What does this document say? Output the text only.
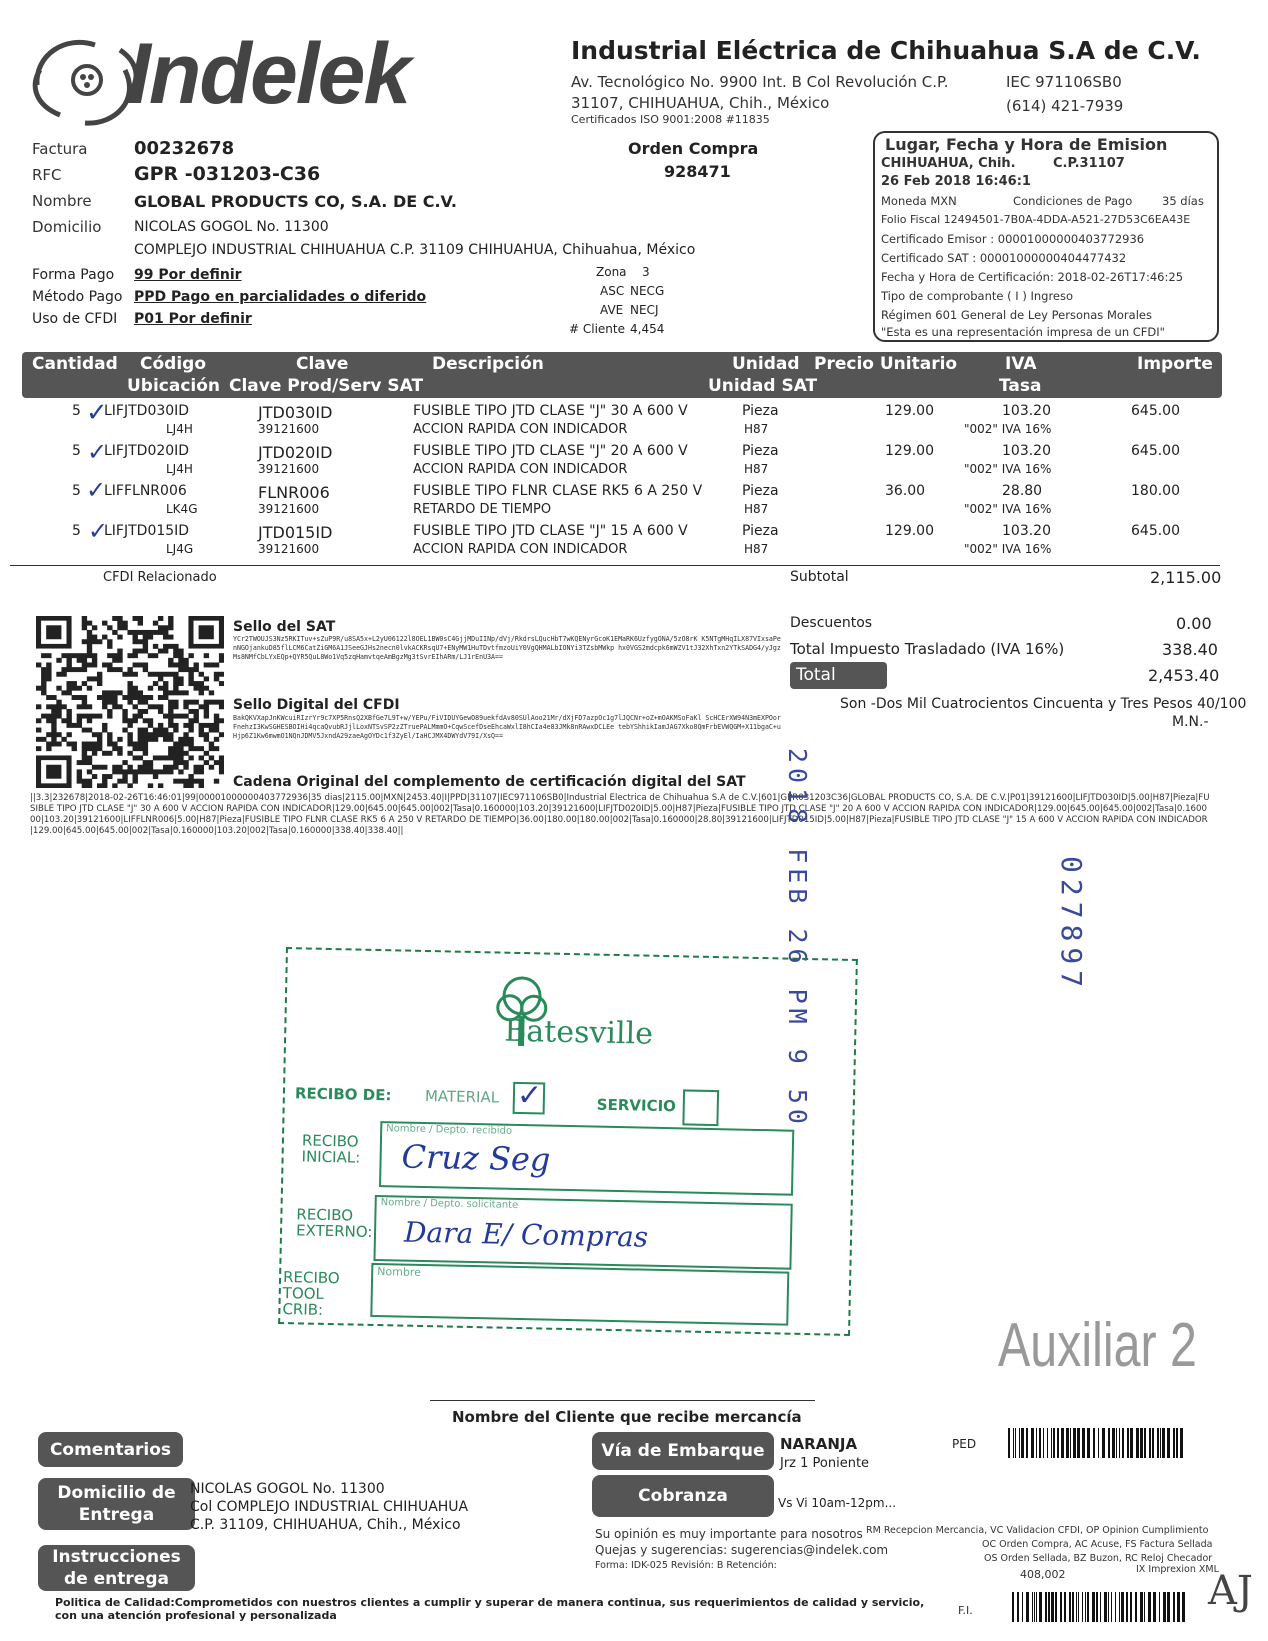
Indelek	Industrial Eléctrica de Chihuahua S.A de C.V.
Av. Tecnológico No. 9900 Int. B Col Revolución C.P.
31107, CHIHUAHUA, Chih., México
Certificados ISO 9001:2008 #11835
IEC 971106SB0
(614) 421-7939
Factura	00232678
RFC	GPR -031203-C36
Nombre	GLOBAL PRODUCTS CO, S.A. DE C.V.
Domicilio NICOLAS GOGOL No. 11300
COMPLEJO INDUSTRIAL CHIHUAHUA C.P. 31109 CHIHUAHUA, Chihuahua, México
Forma Pago 99 Por definir
Método Pago PPD Pago en parcialidades o diferido
Uso de CFDI P01 Por definir
Orden Compra
928471
Zona 3
ASC NECG
AVE NECJ
# Cliente 4,454
Lugar, Fecha y Hora de Emision
CHIHUAHUA, Chih.	C.P.31107
26 Feb 2018 16:46:1
Moneda MXN	Condiciones de Pago	35 días
Folio Fiscal 12494501-7B0A-4DDA-A521-27D53C6EA43E
Certificado Emisor : 00001000000403772936
Certificado SAT : 00001000000404477432
Fecha y Hora de Certificación: 2018-02-26T17:46:25
Tipo de comprobante ( I ) Ingreso
Régimen 601 General de Ley Personas Morales
"Esta es una representación impresa de un CFDI"
Cantidad Código
Ubicación
Clave
Clave Prod/Serv SAT
Descripción	Unidad
Unidad SAT
Precio Unitario	IVA
Tasa
Importe
5 LIFJTD030ID	JTD030ID	FUSIBLE TIPO JTD CLASE "J" 30 A 600 V	Pieza	129.00	103.20	645.00
LJ4H	39121600	ACCION RAPIDA CON INDICADOR	H87	"002" IVA 16%
5 LIFJTD020ID	JTD020ID	FUSIBLE TIPO JTD CLASE "J" 20 A 600 V	Pieza	129.00	103.20	645.00
LJ4H	39121600	ACCION RAPIDA CON INDICADOR	H87	"002" IVA 16%
5 LIFFLNR006	FLNR006	FUSIBLE TIPO FLNR CLASE RK5 6 A 250 V	Pieza	36.00	28.80	180.00
LK4G	39121600	RETARDO DE TIEMPO	H87	"002" IVA 16%
5 LIFJTD015ID	JTD015ID	FUSIBLE TIPO JTD CLASE "J" 15 A 600 V	Pieza	129.00	103.20	645.00
LJ4G	39121600	ACCION RAPIDA CON INDICADOR	H87	"002" IVA 16%
CFDI Relacionado	Subtotal	2,115.00
Descuentos	0.00
Total Impuesto Trasladado (IVA 16%)	338.40
Total	2,453.40
Son -Dos Mil Cuatrocientos Cincuenta y Tres Pesos 40/100
M.N.-
Sello del SAT
YCr2TWOUJS3Nz5RKITuv+sZuP9R/u8SA5x+L2yU06122l8OEL1BW0sC4GjjMDuIINp/dVj/RkdrsLQucHbT7wKQENyrGcoK1EMaRK6UzfygONA/5zO8rK K5NTgMHqILX87VIxsaPenNGOjankuD85flLCM6CatZiGM6A1JSeeGJHs2necn0lvkACKRsqU7+ENyMW1HuTDvtfmzoUiY0VgQHMALbIONYi3TZsbMWkp hx0VGS2mdcpk6mWZV1tJ32XhTxn2YTkSADG4/yJgzMs8NMfCbLYxEQp+QYR5QuL8Wo1Vq5zqHamvtqeAmBgzMg3tSvrEIhARm/LJ1rEnU3A==
Sello Digital del CFDI
BakQKVXapJnKWcuiRIzrYr9c7XP5RnsQ2XBfGe7L9T+w/YEPu/FiVIDUYGewO89uekfdAv80SUlAoo21Mr/dXjFD7azpOc1g7lJQCNr+oZ+mOAKMSoFaKl ScHCErXW94N3mEXPOorFnehzI3KwSGHESBOIHi4qcaQvubRJjlLoxNTSvSP2zZTruePALMmmO+CqwScefDseEhcaWxlI8hCIa4e83JMk8nRAwxDCLEe tebYShhikIamJAG7Xko8QmFrbEVWQGM+X11bgaC+uHjp6Z1Kw6mwmO1NQnJDMV5JxndA29zaeAgOYDc1f3ZyEl/IaHCJMX4DWYdV79I/XsQ==
Cadena Original del complemento de certificación digital del SAT
||3.3|232678|2018-02-26T16:46:01|99|00001000000403772936|35 dias|2115.00|MXN|2453.40|I|PPD|31107|IEC971106SB0|Industrial Electrica de Chihuahua S.A de C.V.|601|GPR031203C36|GLOBAL PRODUCTS CO, S.A. DE C.V.|P01|39121600|LIFJTD030ID|5.00|H87|Pieza|FUSIBLE TIPO JTD CLASE "J" 30 A 600 V ACCION RAPIDA CON INDICADOR|129.00|645.00|645.00|002|Tasa|0.160000|103.20|39121600|LIFJTD020ID|5.00|H87|Pieza|FUSIBLE TIPO JTD CLASE "J" 20 A 600 V ACCION RAPIDA CON INDICADOR|129.00|645.00|645.00|002|Tasa|0.160000|103.20|39121600|LIFFLNR006|5.00|H87|Pieza|FUSIBLE TIPO FLNR CLASE RK5 6 A 250 V RETARDO DE TIEMPO|36.00|180.00|180.00|002|Tasa|0.160000|28.80|39121600|LIFJTD015ID|5.00|H87|Pieza|FUSIBLE TIPO JTD CLASE "J" 15 A 600 V ACCION RAPIDA CON INDICADOR|129.00|645.00|645.00|002|Tasa|0.160000|103.20|002|Tasa|0.160000|338.40|338.40||	2018 FEB 26 PM 9 50	027897
Auxiliar 2
Batesville
RECIBO DE: MATERIAL ✓	SERVICIO
RECIBO INICIAL:
Nombre / Depto. recibido
Cruz Seg
RECIBO EXTERNO:
Nombre / Depto. solicitante
Dara E/ Compras
RECIBO TOOL CRIB:
Nombre
✓
✓
✓
✓
Nombre del Cliente que recibe mercancía
Comentarios
Domicilio de Entrega
Instrucciones de entrega
NICOLAS GOGOL No. 11300
Col COMPLEJO INDUSTRIAL CHIHUAHUA
C.P. 31109, CHIHUAHUA, Chih., México
Vía de Embarque	NARANJA
Jrz 1 Poniente
Cobranza	Vs Vi 10am-12pm...
PED
Su opinión es muy importante para nosotros
Quejas y sugerencias: sugerencias@indelek.com
Forma: IDK-025 Revisión: B Retención:
RM Recepcion Mercancia, VC Validacion CFDI, OP Opinion Cumplimiento
OC Orden Compra, AC Acuse, FS Factura Sellada
OS Orden Sellada, BZ Buzon, RC Reloj Checador
408,002	IX Imprexion XML
Politica de Calidad:Comprometidos con nuestros clientes a cumplir y superar de manera continua, sus requerimientos de calidad y servicio,
con una atención profesional y personalizada	F.I.	AJ
